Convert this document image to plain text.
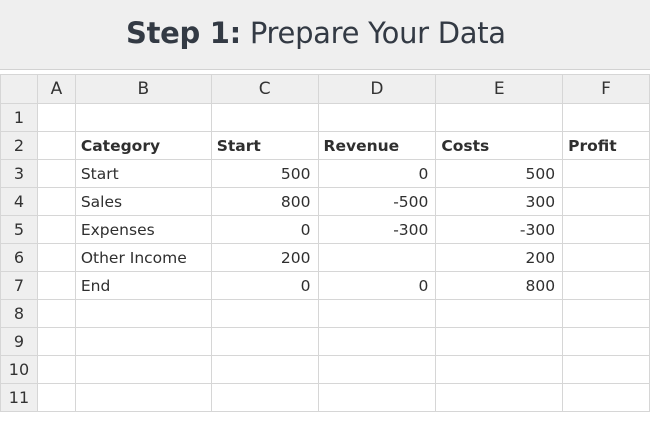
Step 1: Prepare Your Data
	A	B	C	D	E	F
1						
2		Category	Start	Revenue	Costs	Profit
3		Start	500	0	500	
4		Sales	800	-500	300	
5		Expenses	0	-300	-300	
6		Other Income	200		200	
7		End	0	0	800	
8						
9						
10						
11						
